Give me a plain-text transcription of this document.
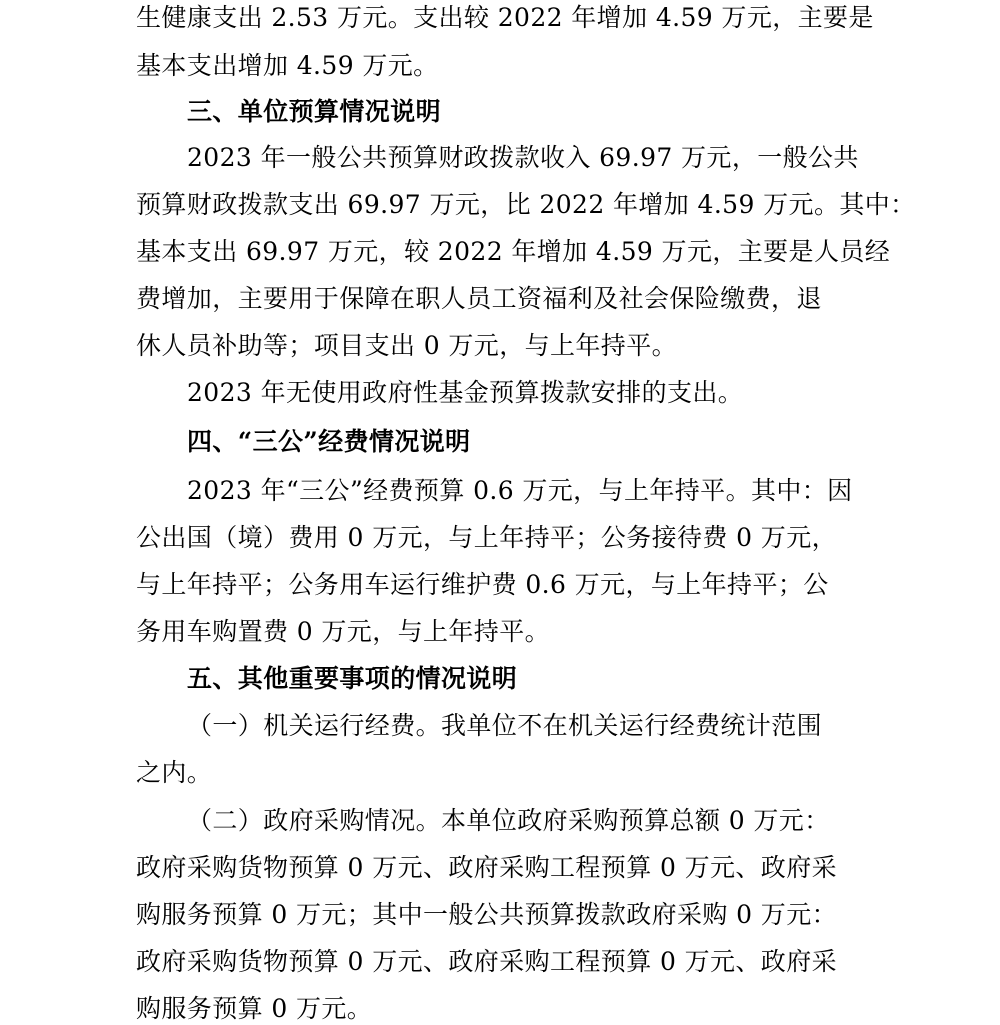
生健康支出 2.53 万元。支出较 2022 年增加 4.59 万元，主要是
基本支出增加 4.59 万元。
三、单位预算情况说明
2023 年一般公共预算财政拨款收入 69.97 万元，一般公共
预算财政拨款支出 69.97 万元，比 2022 年增加 4.59 万元。其中：
基本支出 69.97 万元，较 2022 年增加 4.59 万元，主要是人员经
费增加，主要用于保障在职人员工资福利及社会保险缴费，退
休人员补助等；项目支出 0 万元，与上年持平。
2023 年无使用政府性基金预算拨款安排的支出。
四、“三公”经费情况说明
2023 年“三公”经费预算 0.6 万元，与上年持平。其中：因
公出国（境）费用 0 万元，与上年持平；公务接待费 0 万元，
与上年持平；公务用车运行维护费 0.6 万元，与上年持平；公
务用车购置费 0 万元，与上年持平。
五、其他重要事项的情况说明
（一）机关运行经费。我单位不在机关运行经费统计范围
之内。
（二）政府采购情况。本单位政府采购预算总额 0 万元：
政府采购货物预算 0 万元、政府采购工程预算 0 万元、政府采
购服务预算 0 万元；其中一般公共预算拨款政府采购 0 万元：
政府采购货物预算 0 万元、政府采购工程预算 0 万元、政府采
购服务预算 0 万元。
